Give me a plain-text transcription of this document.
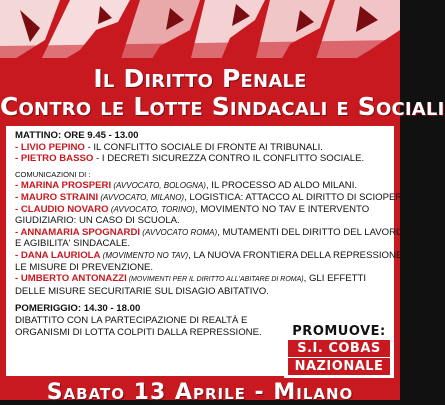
Il Diritto Penale
Contro le Lotte Sindacali e Sociali
MATTINO: ORE 9.45 - 13.00
- LIVIO PEPINO - IL CONFLITTO SOCIALE DI FRONTE AI TRIBUNALI.
- PIETRO BASSO - I DECRETI SICUREZZA CONTRO IL CONFLITTO SOCIALE.
COMUNICAZIONI DI :
- MARINA PROSPERI (AVVOCATO, BOLOGNA), IL PROCESSO AD ALDO MILANI.
- MAURO STRAINI (AVVOCATO, MILANO), LOGISTICA: ATTACCO AL DIRITTO DI SCIOPERO.
- CLAUDIO NOVARO (AVVOCATO, TORINO), MOVIMENTO NO TAV E INTERVENTO
GIUDIZIARIO: UN CASO DI SCUOLA.
- ANNAMARIA SPOGNARDI (AVVOCATO ROMA), MUTAMENTI DEL DIRITTO DEL LAVORO
E AGIBILITA' SINDACALE.
- DANA LAURIOLA (MOVIMENTO NO TAV), LA NUOVA FRONTIERA DELLA REPRESSIONE:
LE MISURE DI PREVENZIONE.
- UMBERTO ANTONAZZI (MOVIMENTI PER IL DIRITTO ALL'ABITARE DI ROMA), GLI EFFETTI
DELLE MISURE SECURITARIE SUL DISAGIO ABITATIVO.
POMERIGGIO: 14.30 - 18.00
DIBATTITO CON LA PARTECIPAZIONE DI REALTÀ E
ORGANISMI DI LOTTA COLPITI DALLA REPRESSIONE.	PROMUOVE:
S.I. COBAS
NAZIONALE
Sabato 13 Aprile - Milano
